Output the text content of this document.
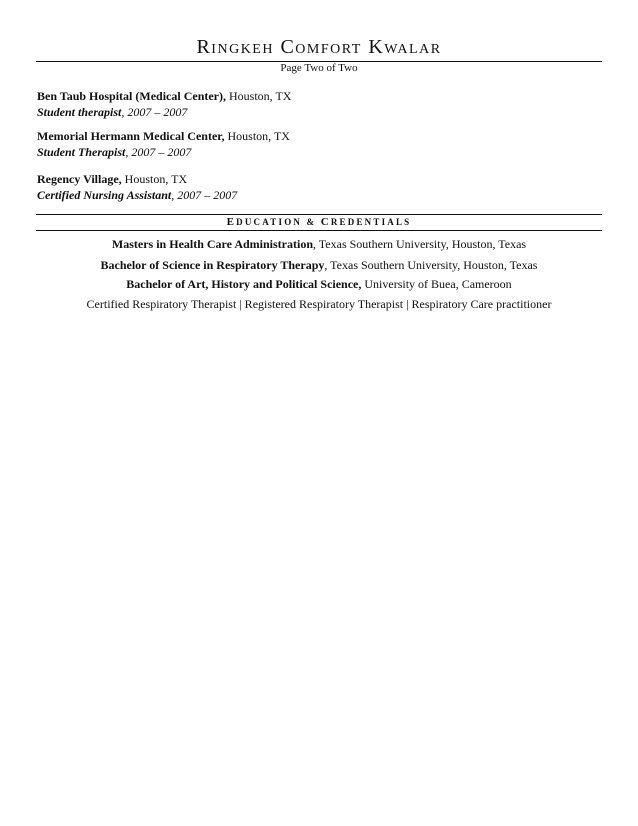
Ringkeh Comfort Kwalar
Page Two of Two
Ben Taub Hospital (Medical Center), Houston, TX
Student therapist, 2007 – 2007
Memorial Hermann Medical Center, Houston, TX
Student Therapist, 2007 – 2007
Regency Village, Houston, TX
Certified Nursing Assistant, 2007 – 2007
EDUCATION & CREDENTIALS
Masters in Health Care Administration, Texas Southern University, Houston, Texas
Bachelor of Science in Respiratory Therapy, Texas Southern University, Houston, Texas
Bachelor of Art, History and Political Science, University of Buea, Cameroon
Certified Respiratory Therapist | Registered Respiratory Therapist | Respiratory Care practitioner
